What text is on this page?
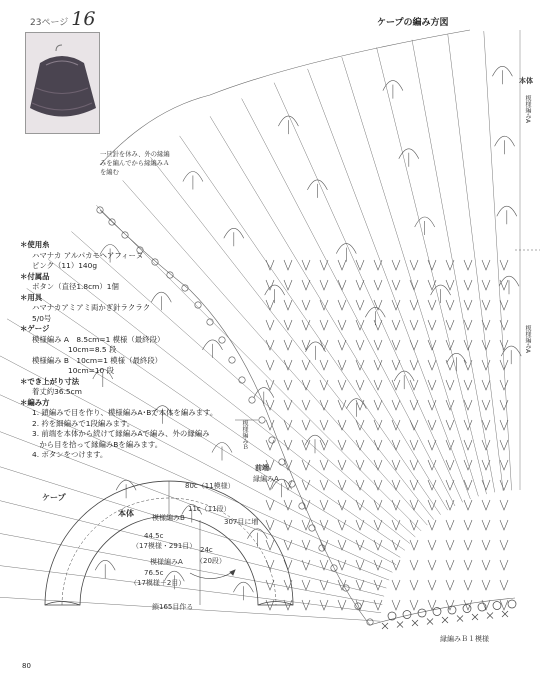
23ページ 16	ケープの編み方図
本体
模様編みA
模様編みA
模様編みＢ
前端
縁編みA
縁編みＢ１模様
一旦針を休み、外の縁編みを編んでから縁編みＡを編む
＊使用糸
ハマナカ アルパカモヘアフィーヌ
ピンク（11）140g
＊付属品
ボタン（直径1.8cm）1個
＊用具
ハマナカアミアミ両かぎ針ラクラク
5/0号
＊ゲージ
模様編み A　8.5cm=1 模様（最終段）
10cm=8.5 段
模様編み B　10cm=1 模様（最終段）
10cm=10 段
＊でき上がり寸法
着丈約36.5cm
＊編み方
1. 鎖編みで目を作り、模様編みA･Bで本体を編みます。
2. 衿を細編みで1段編みます。
3. 前端を本体から続けて縁編みAで編み、外の縁編み
　から目を拾って縁編みBを編みます。
4. ボタンをつけます。
ケープ
80c（11模様）
本体	11c（11段）
模様編みB	307目に増
44.5c
（17模様・291目） 24c
（20段）
模様編みA
76.5c
（17模様＋2目）
鎖165目作る
80
